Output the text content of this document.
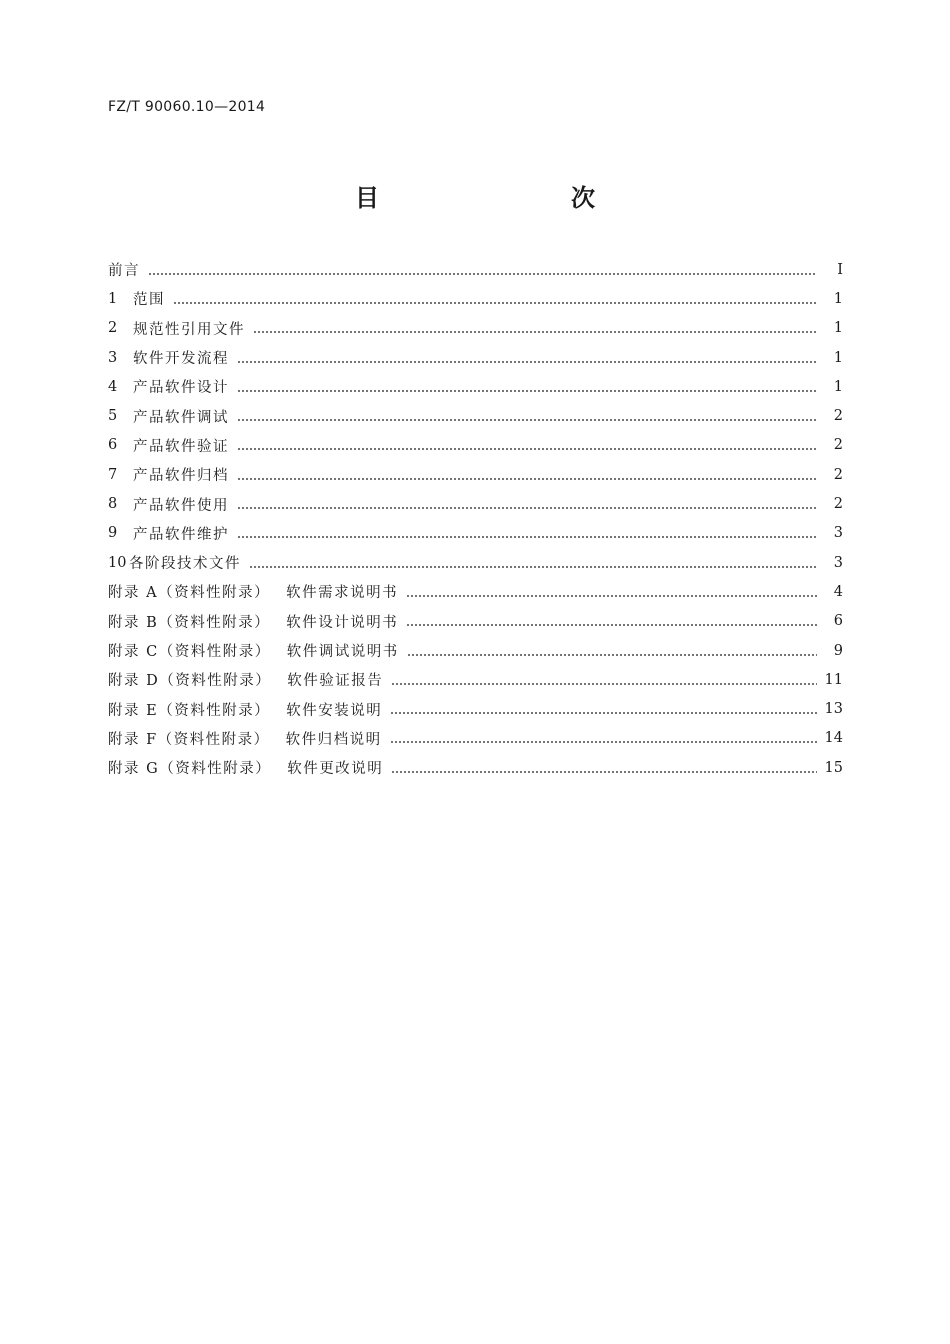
FZ/T 90060.10—2014
目　　次
前言	Ⅰ
1	范围	1
2	规范性引用文件	1
3	软件开发流程	1
4	产品软件设计	1
5	产品软件调试	2
6	产品软件验证	2
7	产品软件归档	2
8	产品软件使用	2
9	产品软件维护	3
10 各阶段技术文件	3
附录 A（资料性附录） 软件需求说明书	4
附录 B（资料性附录） 软件设计说明书	6
附录 C（资料性附录） 软件调试说明书	9
附录 D（资料性附录） 软件验证报告	11
附录 E（资料性附录） 软件安装说明	13
附录 F（资料性附录） 软件归档说明	14
附录 G（资料性附录） 软件更改说明	15
